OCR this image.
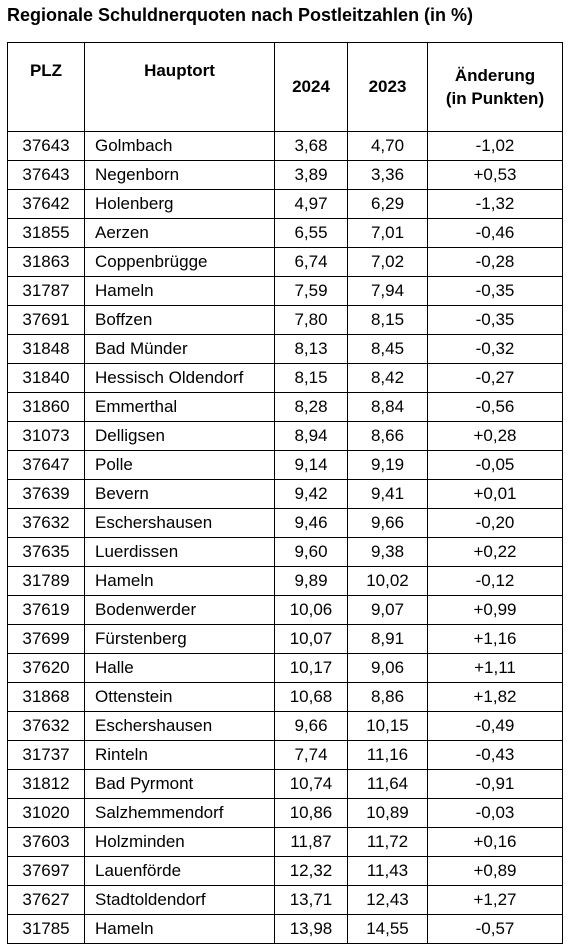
Regionale Schuldnerquoten nach Postleitzahlen (in %)
PLZ	Hauptort	2024	2023	Änderung
(in Punkten)

37643	Golmbach	3,68	4,70	-1,02
37643	Negenborn	3,89	3,36	+0,53
37642	Holenberg	4,97	6,29	-1,32
31855	Aerzen	6,55	7,01	-0,46
31863	Coppenbrügge	6,74	7,02	-0,28
31787	Hameln	7,59	7,94	-0,35
37691	Boffzen	7,80	8,15	-0,35
31848	Bad Münder	8,13	8,45	-0,32
31840	Hessisch Oldendorf	8,15	8,42	-0,27
31860	Emmerthal	8,28	8,84	-0,56
31073	Delligsen	8,94	8,66	+0,28
37647	Polle	9,14	9,19	-0,05
37639	Bevern	9,42	9,41	+0,01
37632	Eschershausen	9,46	9,66	-0,20
37635	Luerdissen	9,60	9,38	+0,22
31789	Hameln	9,89	10,02	-0,12
37619	Bodenwerder	10,06	9,07	+0,99
37699	Fürstenberg	10,07	8,91	+1,16
37620	Halle	10,17	9,06	+1,11
31868	Ottenstein	10,68	8,86	+1,82
37632	Eschershausen	9,66	10,15	-0,49
31737	Rinteln	7,74	11,16	-0,43
31812	Bad Pyrmont	10,74	11,64	-0,91
31020	Salzhemmendorf	10,86	10,89	-0,03
37603	Holzminden	11,87	11,72	+0,16
37697	Lauenförde	12,32	11,43	+0,89
37627	Stadtoldendorf	13,71	12,43	+1,27
31785	Hameln	13,98	14,55	-0,57
